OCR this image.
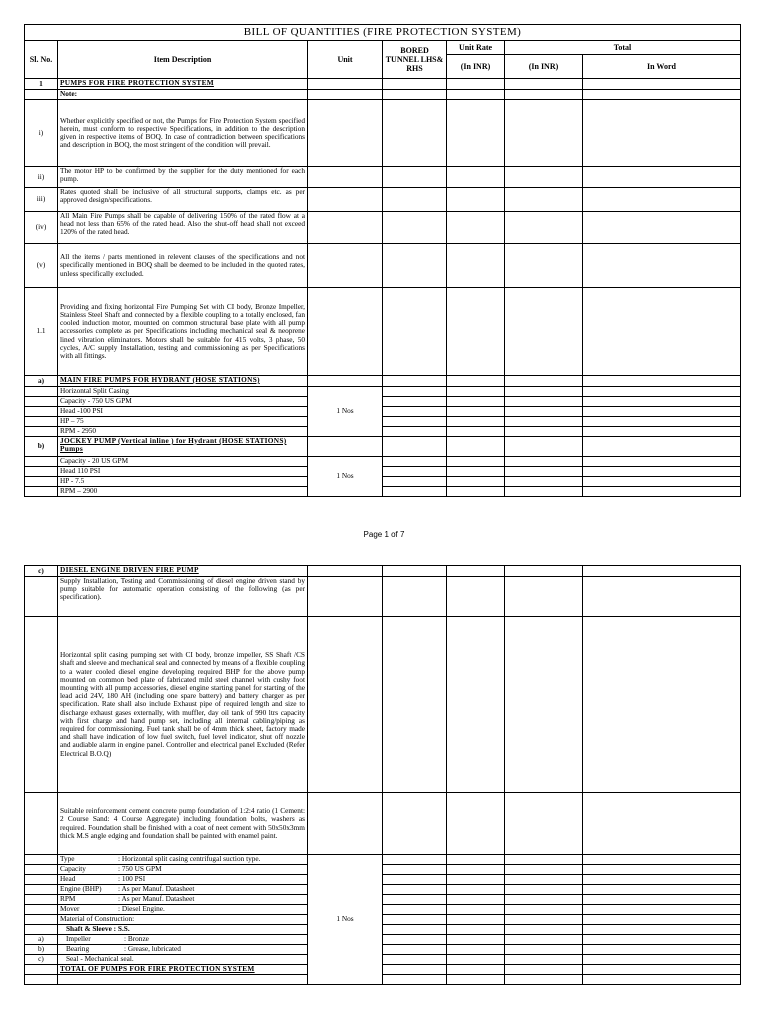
BILL OF QUANTITIES (FIRE PROTECTION SYSTEM)						
Sl. No.	Item Description	Unit	BORED TUNNEL LHS& RHS	Unit Rate	Total	
				(In INR)	(In INR)	In Word
1	PUMPS FOR FIRE PROTECTION SYSTEM					
	Note:					
i)	Whether explicitly specified or not, the Pumps for Fire Protection System specified herein, must conform to respective Specifications, in addition to the description given in respective items of BOQ. In case of contradiction between specifications and description in BOQ, the most stringent of the condition will prevail.					
ii)	The motor HP to be confirmed by the supplier for the duty mentioned for each pump.					
iii)	Rates quoted shall be inclusive of all structural supports, clamps etc. as per approved design/specifications.					
(iv)	All Main Fire Pumps shall be capable of delivering 150% of the rated flow at a head not less than 65% of the rated head. Also the shut-off head shall not exceed 120% of the rated head.					
(v)	All the items / parts mentioned in relevent clauses of the specifications and not specifically mentioned in BOQ shall be deemed to be included in the quoted rates, unless specifically excluded.					
1.1	Providing and fixing horizontal Fire Pumping Set with CI body, Bronze Impeller, Stainless Steel Shaft and connected by a flexible coupling to a totally enclosed, fan cooled induction motor, mounted on common structural base plate with all pump accessories complete as per Specifications including mechanical seal & neoprene lined vibration eliminators. Motors shall be suitable for 415 volts, 3 phase, 50 cycles, A/C supply Installation, testing and commissioning as per Specifications with all fittings.					
a)	MAIN FIRE PUMPS FOR HYDRANT (HOSE STATIONS)					
	Horizontal Split Casing	1 Nos				
	Capacity - 750 US GPM					
	Head -100 PSI					
	HP – 75					
	RPM - 2950					
b)	JOCKEY PUMP (Vertical inline ) for Hydrant (HOSE STATIONS) Pumps					
	Capacity - 20 US GPM	1 Nos				
	Head 110 PSI					
	HP - 7.5					
	RPM – 2900					
Page 1 of 7
c)	DIESEL ENGINE DRIVEN FIRE PUMP					
	Supply Installation, Testing and Commissioning of diesel engine driven stand by pump suitable for automatic operation consisting of the following (as per specification).					
	Horizontal split casing pumping set with CI body, bronze impeller, SS Shaft /CS shaft and sleeve and mechanical seal and connected by means of a flexible coupling to a water cooled diesel engine developing required BHP for the above pump mounted on common bed plate of fabricated mild steel channel with cushy foot mounting with all pump accessories, diesel engine starting panel for starting of the lead acid 24V, 180 AH (including one spare battery) and battery charger as per specification. Rate shall also include Exhaust pipe of required length and size to discharge exhaust gases externally, with muffler, day oil tank of 990 ltrs capacity with first charge and hand pump set, including all internal cabling/piping as required for commissioning. Fuel tank shall be of 4mm thick sheet, factory made and shall have indication of low fuel switch, fuel level indicator, shut off nozzle and audiable alarm in engine panel. Controller and electrical panel Excluded (Refer Electrical B.O.Q)					
	Suitable reinforcement cement concrete pump foundation of 1:2:4 ratio (1 Cement: 2 Course Sand: 4 Course Aggregate) including foundation bolts, washers as required. Foundation shall be finished with a coat of neet cement with 50x50x3mm thick M.S angle edging and foundation shall be painted with enamel paint.					
	Type : Horizontal split casing centrifugal suction type.	1 Nos				
	Capacity : 750 US GPM					
	Head : 100 PSI					
	Engine (BHP) : As per Manuf. Datasheet					
	RPM : As per Manuf. Datasheet					
	Mover : Diesel Engine.					
	Material of Construction:					
	Shaft & Sleeve : S.S.					
a)	Impeller : Bronze					
b)	Bearing : Grease, lubricated					
c)	Seal - Mechanical seal.					
	TOTAL OF PUMPS FOR FIRE PROTECTION SYSTEM					
